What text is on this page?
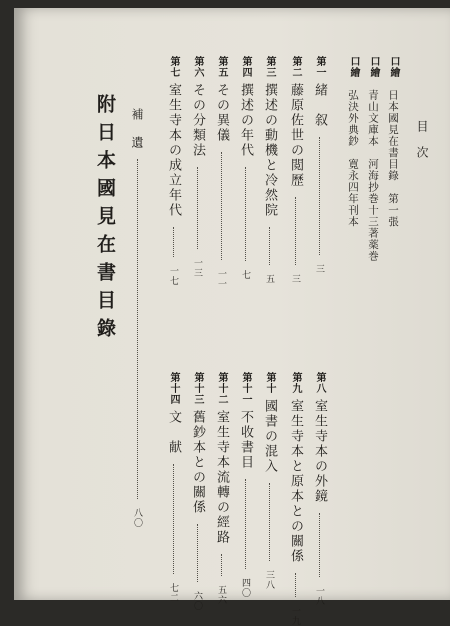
目次
口繪　日本國見在書目錄　第一張
口繪　青山文庫本　河海抄巻十三著薬巻
口繪　弘決外典鈔　寛永四年刊本
第一 緒　叙  三
第二 藤原佐世の閲歷  三
第三 撰述の動機と冷然院  五
第四 撰述の年代  七
第五 その異儀  一一
第六 その分類法  一三
第七 室生寺本の成立年代  一七
補　遺  八〇
附日本國見在書目錄
第八 室生寺本の外鏡  一八
第九 室生寺本と原本との關係  一九
第十 國書の混入  三八
第十一 不收書目  四〇
第十二 室生寺本流轉の經路  五六
第十三 舊鈔本との關係  六〇
第十四 文　献  七二
